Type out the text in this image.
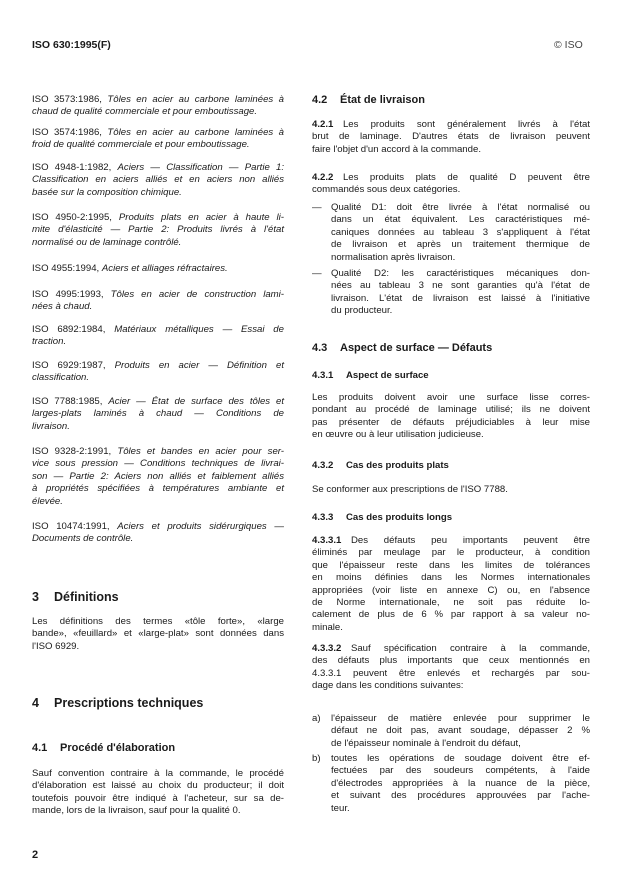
ISO 630:1995(F)	© ISO
ISO 3573:1986, Tôles en acier au carbone laminées à
chaud de qualité commerciale et pour emboutissage.
ISO 3574:1986, Tôles en acier au carbone laminées à
froid de qualité commerciale et pour emboutissage.
ISO 4948-1:1982, Aciers — Classification — Partie 1:
Classification en aciers alliés et en aciers non alliés
basée sur la composition chimique.
ISO 4950-2:1995, Produits plats en acier à haute li-
mite d'élasticité — Partie 2: Produits livrés à l'état
normalisé ou de laminage contrôlé.
ISO 4955:1994, Aciers et alliages réfractaires.
ISO 4995:1993, Tôles en acier de construction lami-
nées à chaud.
ISO 6892:1984, Matériaux métalliques — Essai de
traction.
ISO 6929:1987, Produits en acier — Définition et
classification.
ISO 7788:1985, Acier — État de surface des tôles et
larges-plats laminés à chaud — Conditions de
livraison.
ISO 9328-2:1991, Tôles et bandes en acier pour ser-
vice sous pression — Conditions techniques de livrai-
son — Partie 2: Aciers non alliés et faiblement alliés
à propriétés spécifiées à températures ambiante et
élevée.
ISO 10474:1991, Aciers et produits sidérurgiques —
Documents de contrôle.
3 Définitions
Les définitions des termes «tôle forte», «large
bande», «feuillard» et «large-plat» sont données dans
l'ISO 6929.
4 Prescriptions techniques
4.1 Procédé d'élaboration
Sauf convention contraire à la commande, le procédé
d'élaboration est laissé au choix du producteur; il doit
toutefois pouvoir être indiqué à l'acheteur, sur sa de-
mande, lors de la livraison, sauf pour la qualité 0.
4.2 État de livraison
4.2.1  Les produits sont généralement livrés à l'état
brut de laminage. D'autres états de livraison peuvent
faire l'objet d'un accord à la commande.
4.2.2  Les produits plats de qualité D peuvent être
commandés sous deux catégories.
— Qualité D1: doit être livrée à l'état normalisé ou
dans un état équivalent. Les caractéristiques mé-
caniques données au tableau 3 s'appliquent à l'état
de livraison et après un traitement thermique de
normalisation après livraison.
— Qualité D2: les caractéristiques mécaniques don-
nées au tableau 3 ne sont garanties qu'à l'état de
livraison. L'état de livraison est laissé à l'initiative
du producteur.
4.3 Aspect de surface — Défauts
4.3.1 Aspect de surface
Les produits doivent avoir une surface lisse corres-
pondant au procédé de laminage utilisé; ils ne doivent
pas présenter de défauts préjudiciables à leur mise
en œuvre ou à leur utilisation judicieuse.
4.3.2 Cas des produits plats
Se conformer aux prescriptions de l'ISO 7788.
4.3.3 Cas des produits longs
4.3.3.1  Des défauts peu importants peuvent être
éliminés par meulage par le producteur, à condition
que l'épaisseur reste dans les limites de tolérances
en moins définies dans les Normes internationales
appropriées (voir liste en annexe C) ou, en l'absence
de Norme internationale, ne soit pas réduite lo-
calement de plus de 6 % par rapport à sa valeur no-
minale.
4.3.3.2  Sauf spécification contraire à la commande,
des défauts plus importants que ceux mentionnés en
4.3.3.1 peuvent être enlevés et rechargés par sou-
dage dans les conditions suivantes:
a) l'épaisseur de matière enlevée pour supprimer le
défaut ne doit pas, avant soudage, dépasser 2 %
de l'épaisseur nominale à l'endroit du défaut,
b) toutes les opérations de soudage doivent être ef-
fectuées par des soudeurs compétents, à l'aide
d'électrodes appropriées à la nuance de la pièce,
et suivant des procédures approuvées par l'ache-
teur.
2
